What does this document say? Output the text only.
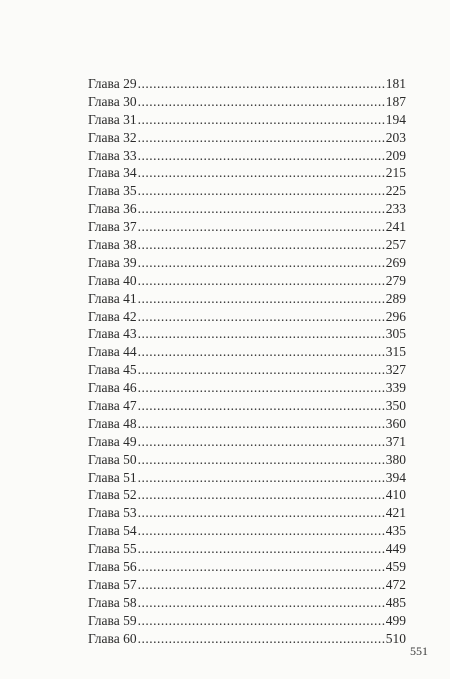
Глава 29 .....	181
Глава 30 .....	187
Глава 31 .....	194
Глава 32 .....	203
Глава 33 .....	209
Глава 34 .....	215
Глава 35 .....	225
Глава 36 .....	233
Глава 37 .....	241
Глава 38 .....	257
Глава 39 .....	269
Глава 40 .....	279
Глава 41 .....	289
Глава 42 .....	296
Глава 43 .....	305
Глава 44 .....	315
Глава 45 .....	327
Глава 46 .....	339
Глава 47 .....	350
Глава 48 .....	360
Глава 49 .....	371
Глава 50 .....	380
Глава 51 .....	394
Глава 52 .....	410
Глава 53 .....	421
Глава 54 .....	435
Глава 55 .....	449
Глава 56 .....	459
Глава 57 .....	472
Глава 58 .....	485
Глава 59 .....	499
Глава 60 .....	510
551
